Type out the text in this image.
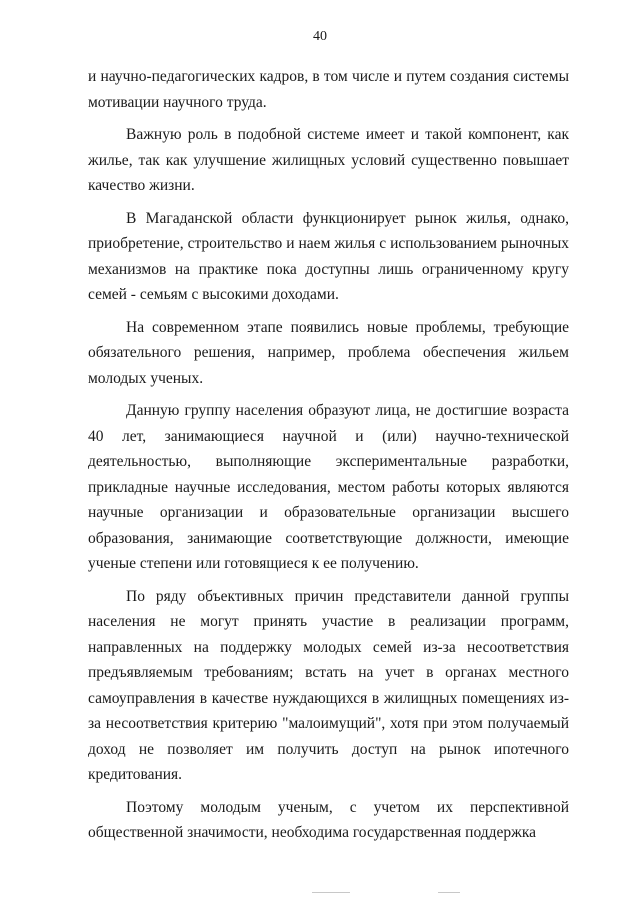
40

и научно-педагогических кадров, в том числе и путем создания системы мотивации научного труда.

Важную роль в подобной системе имеет и такой компонент, как жилье, так как улучшение жилищных условий существенно повышает качество жизни.

В Магаданской области функционирует рынок жилья, однако, приобретение, строительство и наем жилья с использованием рыночных механизмов на практике пока доступны лишь ограниченному кругу семей - семьям с высокими доходами.

На современном этапе появились новые проблемы, требующие обязательного решения, например, проблема обеспечения жильем молодых ученых.

Данную группу населения образуют лица, не достигшие возраста 40 лет, занимающиеся научной и (или) научно-технической деятельностью, выполняющие экспериментальные разработки, прикладные научные исследования, местом работы которых являются научные организации и образовательные организации высшего образования, занимающие соответствующие должности, имеющие ученые степени или готовящиеся к ее получению.

По ряду объективных причин представители данной группы населения не могут принять участие в реализации программ, направленных на поддержку молодых семей из-за несоответствия предъявляемым требованиям; встать на учет в органах местного самоуправления в качестве нуждающихся в жилищных помещениях из-за несоответствия критерию "малоимущий", хотя при этом получаемый доход не позволяет им получить доступ на рынок ипотечного кредитования.

Поэтому молодым ученым, с учетом их перспективной общественной значимости, необходима государственная поддержка
